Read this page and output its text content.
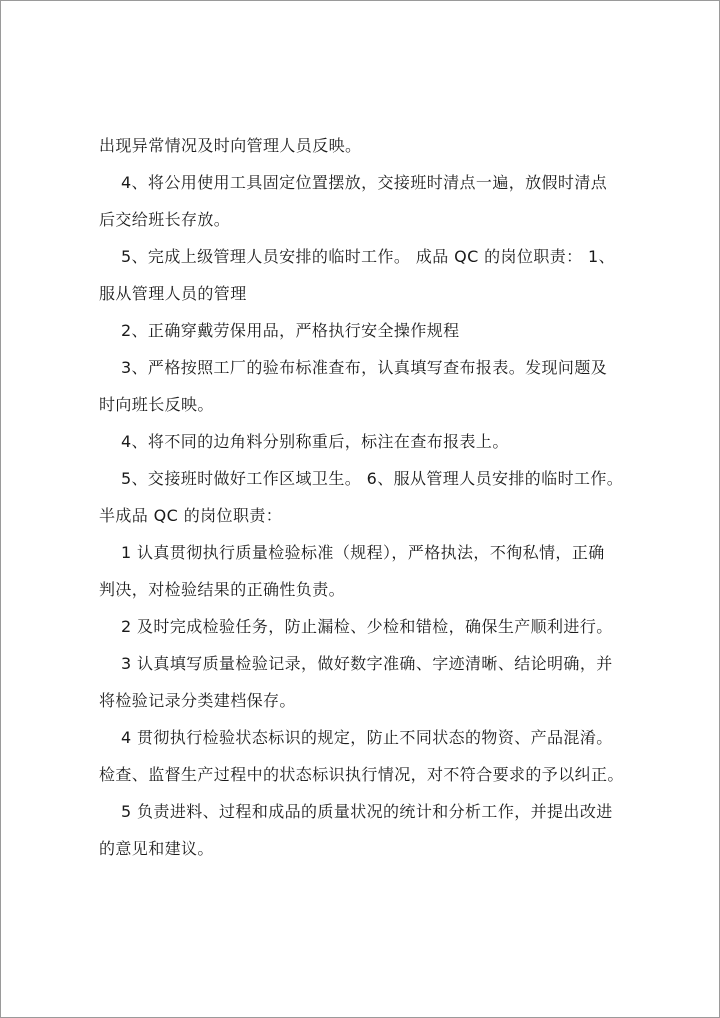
出现异常情况及时向管理人员反映。

4、将公用使用工具固定位置摆放，交接班时清点一遍，放假时清点

后交给班长存放。

5、完成上级管理人员安排的临时工作。 成品 QC 的岗位职责： 1、

服从管理人员的管理

2、正确穿戴劳保用品，严格执行安全操作规程

3、严格按照工厂的验布标准查布，认真填写查布报表。发现问题及

时向班长反映。

4、将不同的边角料分别称重后，标注在查布报表上。

5、交接班时做好工作区域卫生。 6、服从管理人员安排的临时工作。

半成品 QC 的岗位职责：

1 认真贯彻执行质量检验标准（规程），严格执法，不徇私情，正确

判决，对检验结果的正确性负责。

2 及时完成检验任务，防止漏检、少检和错检，确保生产顺利进行。

3 认真填写质量检验记录，做好数字准确、字迹清晰、结论明确，并

将检验记录分类建档保存。

4 贯彻执行检验状态标识的规定，防止不同状态的物资、产品混淆。

检查、监督生产过程中的状态标识执行情况，对不符合要求的予以纠正。

5 负责进料、过程和成品的质量状况的统计和分析工作，并提出改进

的意见和建议。
